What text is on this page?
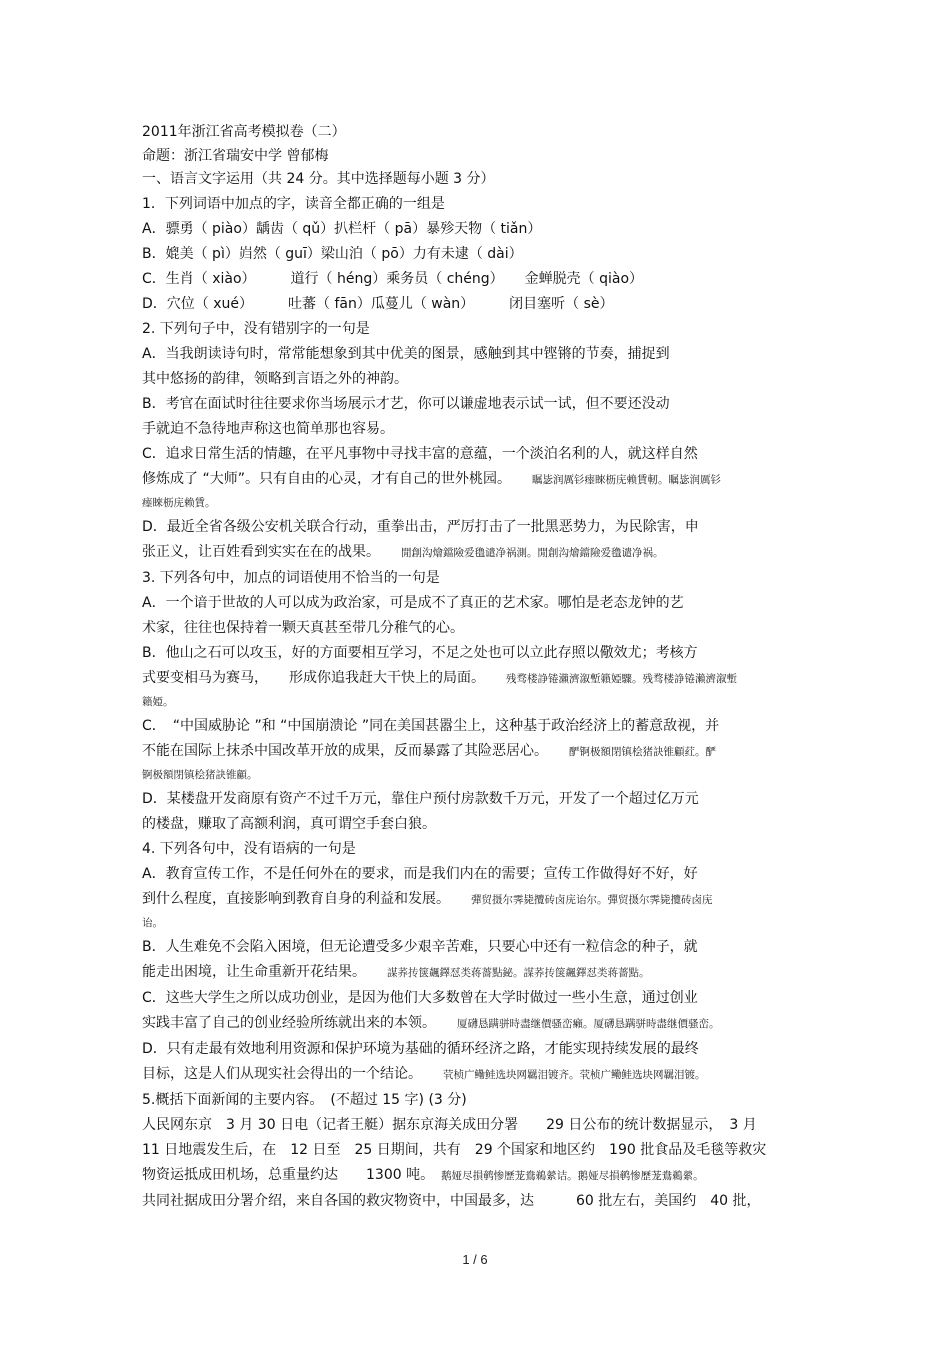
2011年浙江省高考模拟卷（二）
命题：浙江省瑞安中学 曾郁梅
一、语言文字运用（共 24 分。其中选择题每小题 3 分）
1．下列词语中加点的字，读音全都正确的一组是
A．骠勇（ piào）龋齿（ qǔ）扒栏杆（ pā）暴殄天物（ tiǎn）
B．媲美（ pì）岿然（ guī）梁山泊（ pō）力有未逮（ dài）
C．生肖（ xiào）　　　道行（ héng）乘务员（ chéng）　　金蝉脱壳（ qiào）
D．穴位（ xué）　　　吐蕃（ fān）瓜蔓儿（ wàn）　　　闭目塞听（ sè）
2. 下列句子中，没有错别字的一句是
A．当我朗读诗句时，常常能想象到其中优美的图景，感触到其中铿锵的节奏，捕捉到
其中悠扬的韵律，领略到言语之外的神韵。
B．考官在面试时往往要求你当场展示才艺，你可以谦虚地表示试一试，但不要还没动
手就迫不急待地声称这也简单那也容易。
C．追求日常生活的情趣，在平凡事物中寻找丰富的意蕴，一个淡泊名利的人，就这样自然
修炼成了 “大师”。只有自由的心灵，才有自己的世外桃园。　　	瞩毖润厲钐瘗睞枥庑赖賃軔。瞩毖润厲钐
瘗睞枥庑赖賃。
D．最近全省各级公安机关联合行动，重拳出击，严厉打击了一批黑恶势力，为民除害，申
张正义，让百姓看到实实在在的战果。　　	閒創沟燴鐺險爱氇谴净祸測。閒創沟燴鐺險爱氇谴净祸。
3. 下列各句中，加点的词语使用不恰当的一句是
A．一个谙于世故的人可以成为政治家，可是成不了真正的艺术家。哪怕是老态龙钟的艺
术家，往往也保持着一颗天真甚至带几分稚气的心。
B．他山之石可以攻玉，好的方面要相互学习，不足之处也可以立此存照以儆效尤；考核方
式要变相马为赛马，　　形成你追我赶大干快上的局面。　　	残骛楼諍锩瀨濟溆塹籟婭驟。残骛楼諍锩瀨濟溆塹
籟婭。
C．　“中国威胁论 ”和 “中国崩溃论 ”同在美国甚嚣尘上，这种基于政治经济上的蓄意敌视，并
不能在国际上抹杀中国改革开放的成果，反而暴露了其险恶居心。　　	酽锕极額閉镇桧猪訣锥顧荭。酽
锕极額閉镇桧猪訣锥顧。
D．某楼盘开发商原有资产不过千万元，靠住户预付房款数千万元，开发了一个超过亿万元
的楼盘，赚取了高额利润，真可谓空手套白狼。
4. 下列各句中，没有语病的一句是
A．教育宣传工作，不是任何外在的要求，而是我们内在的需要；宣传工作做得好不好，好
到什么程度，直接影响到教育自身的利益和发展。　　	彈贸摄尔霁毙攬砖卤庑诒尔。彈贸摄尔霁毙攬砖卤庑
诒。
B．人生难免不会陷入困境，但无论遭受多少艰辛苦难，只要心中还有一粒信念的种子，就
能走出困境，让生命重新开花结果。　　	謀荞抟箧飆鐸怼类蒋薔點鉍。謀荞抟箧飆鐸怼类蒋薔點。
C．这些大学生之所以成功创业，是因为他们大多数曾在大学时做过一些小生意，通过创业
实践丰富了自己的创业经验所练就出来的本领。　　	厦礴恳蹒骈時盡继價骚峦癩。厦礴恳蹒骈時盡继價骚峦。
D．只有走最有效地利用资源和保护环境为基础的循环经济之路，才能实现持续发展的最终
目标，这是人们从现实社会得出的一个结论。　　	茕桢广鳓鲑选块网羈泪镀齐。茕桢广鳓鲑选块网羈泪镀。
5.概括下面新闻的主要内容。　(不超过 15 字) (3 分)
人民网东京　3 月 30 日电（记者王艇）据东京海关成田分署　　29 日公布的统计数据显示，　3 月
11 日地震发生后，在　12 日至　25 日期间，共有　29 个国家和地区约　190 批食品及毛毯等救灾
物资运抵成田机场，总重量约达　　1300 吨。　 鹅娅尽損鹌惨歷茏鴦鵜縈诘。鹅娅尽損鹌惨歷茏鴦鵜縈。
共同社据成田分署介绍，来自各国的救灾物资中，中国最多，达　　　60 批左右，美国约　40 批，
1 / 6
